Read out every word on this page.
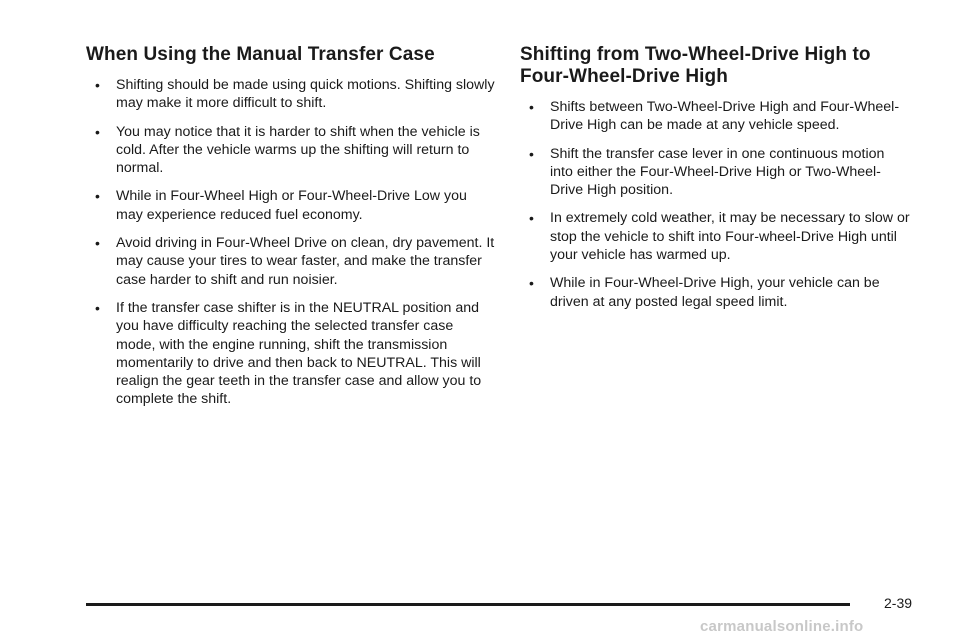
When Using the Manual Transfer Case
• Shifting should be made using quick motions. Shifting slowly may make it more difficult to shift.
• You may notice that it is harder to shift when the vehicle is cold. After the vehicle warms up the shifting will return to normal.
• While in Four-Wheel High or Four-Wheel-Drive Low you may experience reduced fuel economy.
• Avoid driving in Four-Wheel Drive on clean, dry pavement. It may cause your tires to wear faster, and make the transfer case harder to shift and run noisier.
• If the transfer case shifter is in the NEUTRAL position and you have difficulty reaching the selected transfer case mode, with the engine running, shift the transmission momentarily to drive and then back to NEUTRAL. This will realign the gear teeth in the transfer case and allow you to complete the shift.
Shifting from Two-Wheel-Drive High to Four-Wheel-Drive High
• Shifts between Two-Wheel-Drive High and Four-Wheel-Drive High can be made at any vehicle speed.
• Shift the transfer case lever in one continuous motion into either the Four-Wheel-Drive High or Two-Wheel-Drive High position.
• In extremely cold weather, it may be necessary to slow or stop the vehicle to shift into Four-wheel-Drive High until your vehicle has warmed up.
• While in Four-Wheel-Drive High, your vehicle can be driven at any posted legal speed limit.
2-39
carmanualsonline.info
